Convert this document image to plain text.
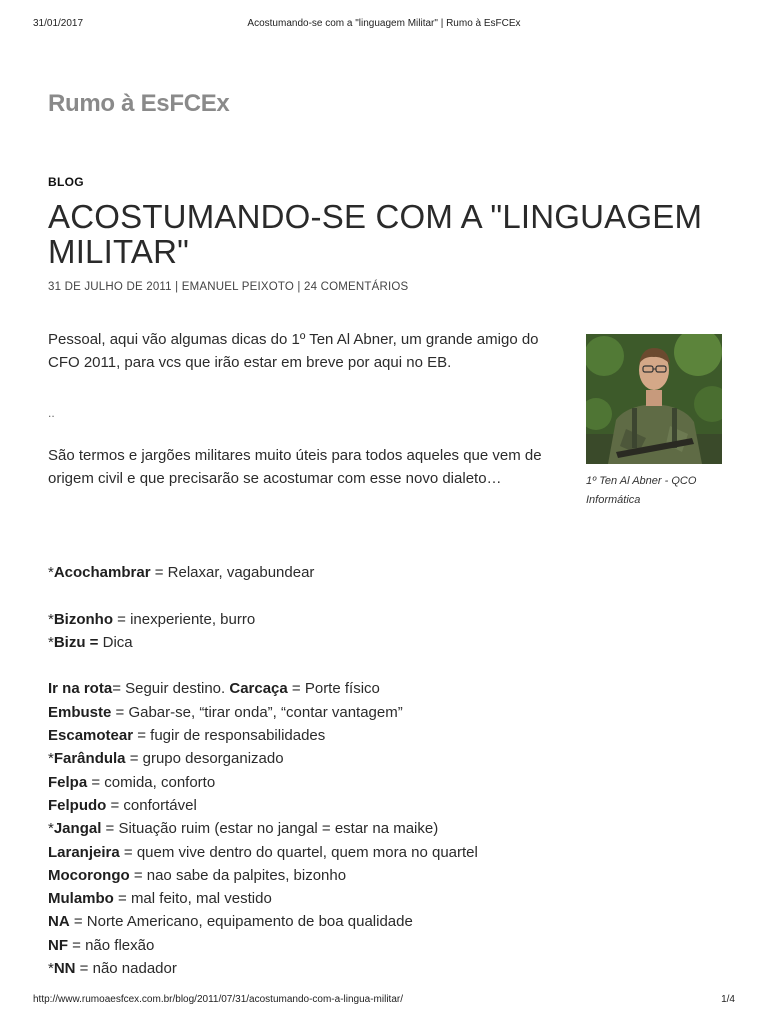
31/01/2017	Acostumando-se com a "linguagem Militar" | Rumo à EsFCEx
Rumo à EsFCEx
BLOG
ACOSTUMANDO-SE COM A "LINGUAGEM MILITAR"
31 DE JULHO DE 2011 | EMANUEL PEIXOTO | 24 COMENTÁRIOS

Pessoal, aqui vão algumas dicas do 1º Ten Al Abner, um grande amigo do CFO 2011, para vcs que irão estar em breve por aqui no EB.

..

São termos e jargões militares muito úteis para todos aqueles que vem de origem civil e que precisarão se acostumar com esse novo dialeto…	1º Ten Al Abner - QCO Informática
*Acochambrar = Relaxar, vagabundear
*Bizonho = inexperiente, burro
*Bizu = Dica
Ir na rota= Seguir destino. Carcaça = Porte físico
Embuste = Gabar-se, “tirar onda”, “contar vantagem”
Escamotear = fugir de responsabilidades
*Farândula = grupo desorganizado
Felpa = comida, conforto
Felpudo = confortável
*Jangal = Situação ruim (estar no jangal = estar na maike)
Laranjeira = quem vive dentro do quartel, quem mora no quartel
Mocorongo = nao sabe da palpites, bizonho
Mulambo = mal feito, mal vestido
NA = Norte Americano, equipamento de boa qualidade
NF = não flexão
*NN = não nadador
http://www.rumoaesfcex.com.br/blog/2011/07/31/acostumando-com-a-lingua-militar/	1/4
